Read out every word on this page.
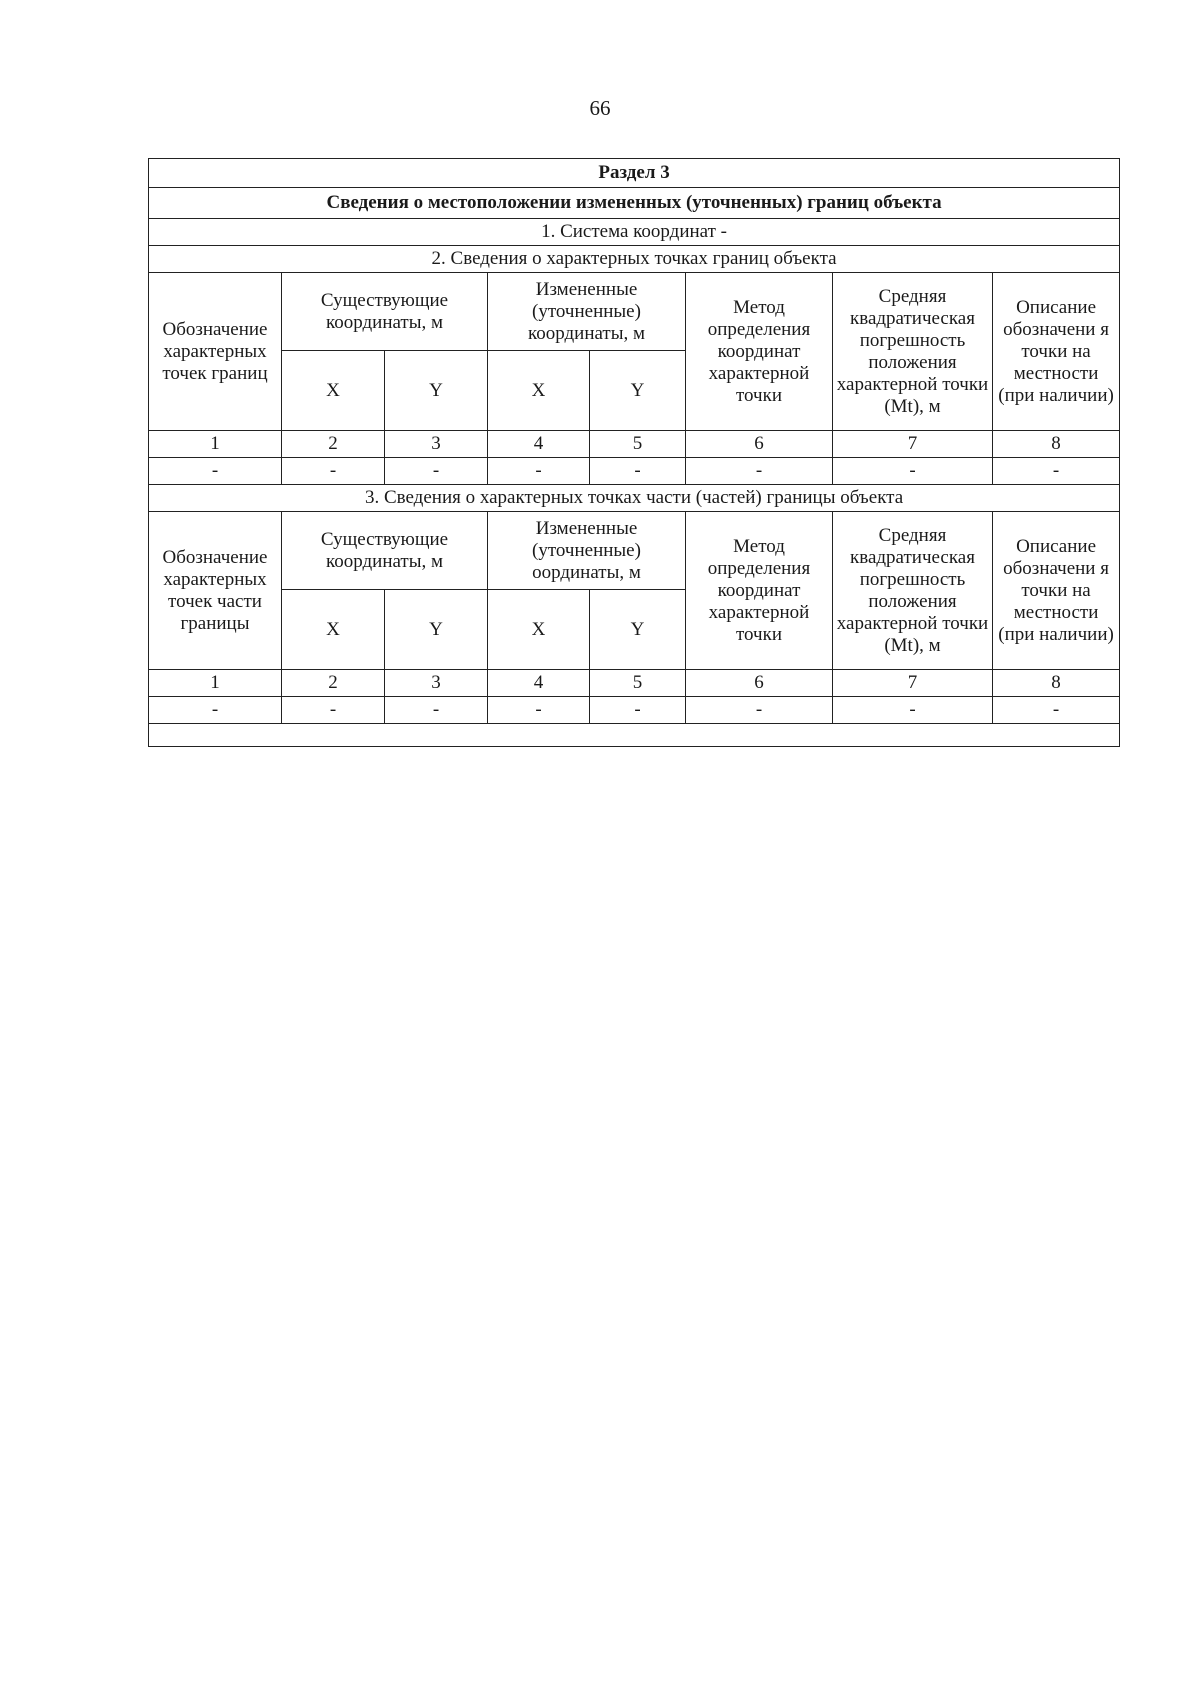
66
Раздел 3							
Сведения о местоположении измененных (уточненных) границ объекта							
1. Система координат -							
2. Сведения о характерных точках границ объекта							
Обозначение характерных точек границ	Существующие координаты, м		Измененные (уточненные) координаты, м		Метод определения координат характерной точки	Средняя квадратическая погрешность положения характерной точки (Mt), м	Описание обозначени я точки на местности (при наличии)
	X	Y	X	Y			
1	2	3	4	5	6	7	8
-	-	-	-	-	-	-	-
3. Сведения о характерных точках части (частей) границы объекта							
Обозначение характерных точек части границы	Существующие координаты, м		Измененные (уточненные) оординаты, м		Метод определения координат характерной точки	Средняя квадратическая погрешность положения характерной точки (Mt), м	Описание обозначени я точки на местности (при наличии)
	X	Y	X	Y			
1	2	3	4	5	6	7	8
-	-	-	-	-	-	-	-
